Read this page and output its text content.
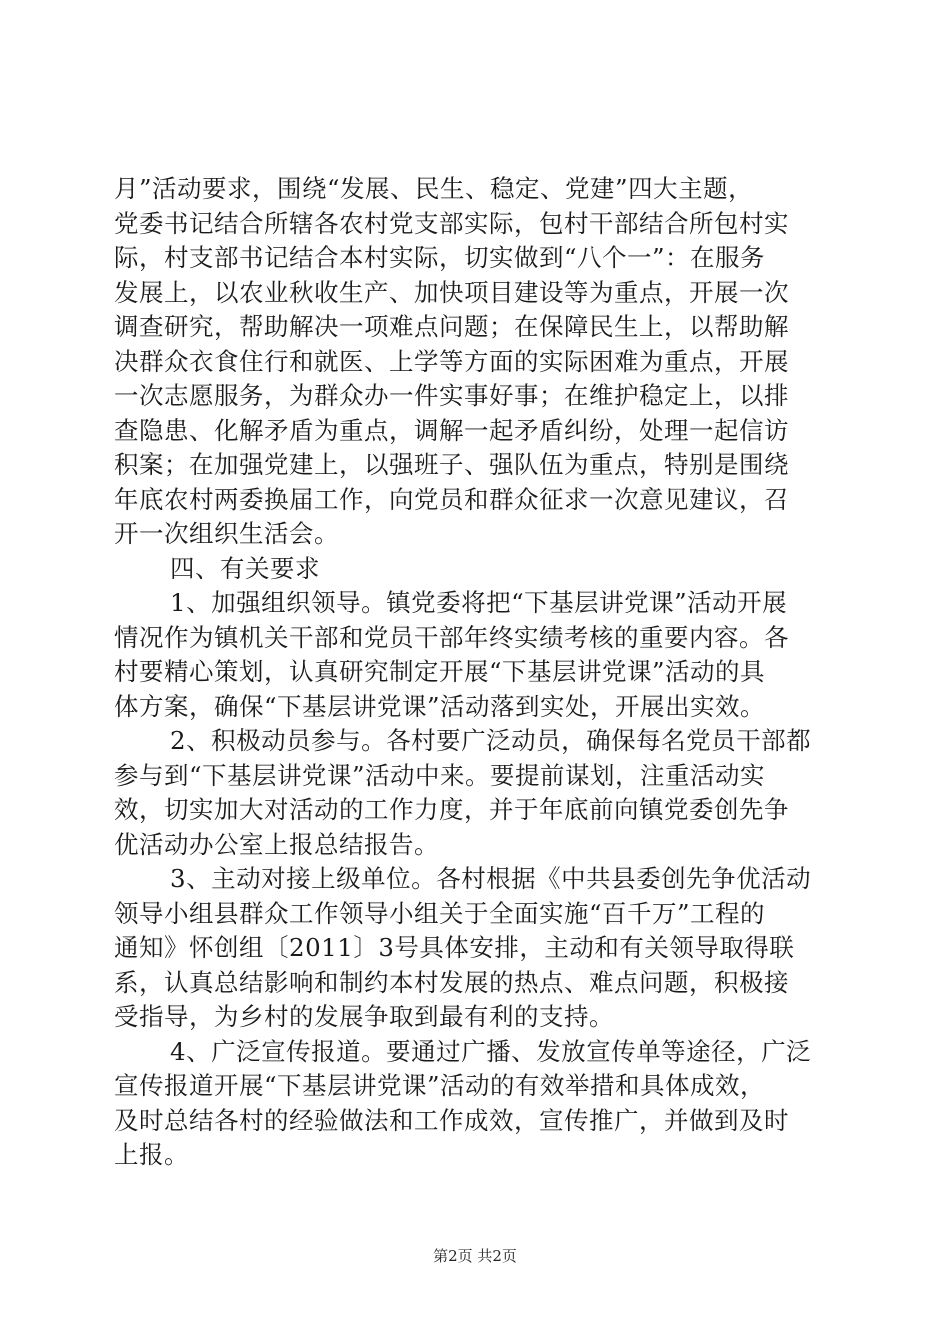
月”活动要求，围绕“发展、民生、稳定、党建”四大主题，
党委书记结合所辖各农村党支部实际，包村干部结合所包村实
际，村支部书记结合本村实际，切实做到“八个一”：在服务
发展上，以农业秋收生产、加快项目建设等为重点，开展一次
调查研究，帮助解决一项难点问题；在保障民生上，以帮助解
决群众衣食住行和就医、上学等方面的实际困难为重点，开展
一次志愿服务，为群众办一件实事好事；在维护稳定上，以排
查隐患、化解矛盾为重点，调解一起矛盾纠纷，处理一起信访
积案；在加强党建上，以强班子、强队伍为重点，特别是围绕
年底农村两委换届工作，向党员和群众征求一次意见建议，召
开一次组织生活会。
四、有关要求
1、加强组织领导。镇党委将把“下基层讲党课”活动开展
情况作为镇机关干部和党员干部年终实绩考核的重要内容。各
村要精心策划，认真研究制定开展“下基层讲党课”活动的具
体方案，确保“下基层讲党课”活动落到实处，开展出实效。
2、积极动员参与。各村要广泛动员，确保每名党员干部都
参与到“下基层讲党课”活动中来。要提前谋划，注重活动实
效，切实加大对活动的工作力度，并于年底前向镇党委创先争
优活动办公室上报总结报告。
3、主动对接上级单位。各村根据《中共县委创先争优活动
领导小组县群众工作领导小组关于全面实施“百千万”工程的
通知》怀创组〔2011〕3号具体安排，主动和有关领导取得联
系，认真总结影响和制约本村发展的热点、难点问题，积极接
受指导，为乡村的发展争取到最有利的支持。
4、广泛宣传报道。要通过广播、发放宣传单等途径，广泛
宣传报道开展“下基层讲党课”活动的有效举措和具体成效，
及时总结各村的经验做法和工作成效，宣传推广，并做到及时
上报。
第2页 共2页
